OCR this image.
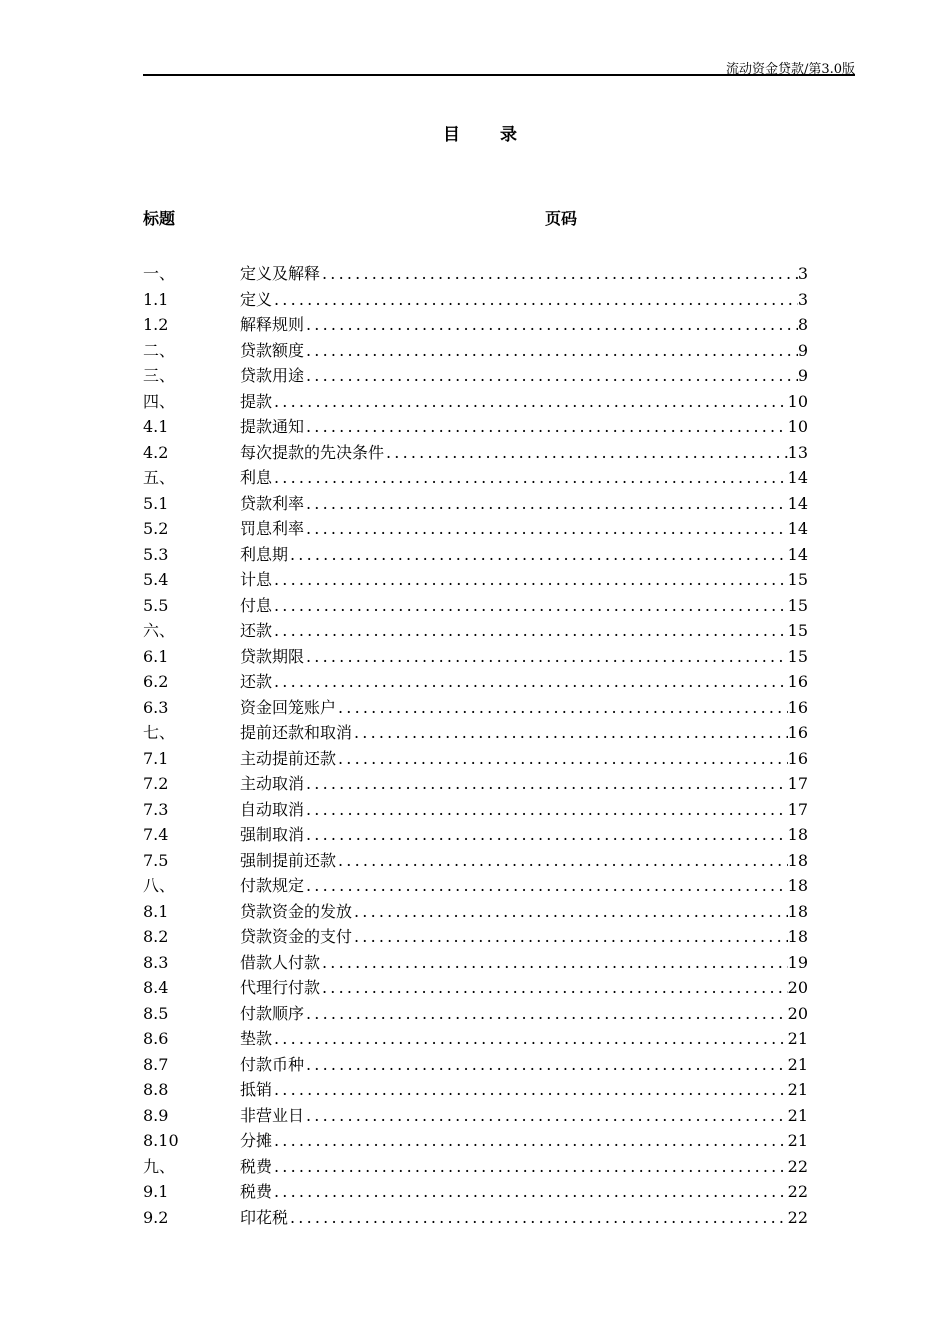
流动资金贷款/第3.0版
目录
标题	页码
一、	定义及解释 .....	3
1.1	定义 .....	3
1.2	解释规则 .....	8
二、	贷款额度 .....	9
三、	贷款用途 .....	9
四、	提款 .....	10
4.1	提款通知 .....	10
4.2	每次提款的先决条件 .....	13
五、	利息 .....	14
5.1	贷款利率 .....	14
5.2	罚息利率 .....	14
5.3	利息期 .....	14
5.4	计息 .....	15
5.5	付息 .....	15
六、	还款 .....	15
6.1	贷款期限 .....	15
6.2	还款 .....	16
6.3	资金回笼账户 .....	16
七、	提前还款和取消 .....	16
7.1	主动提前还款 .....	16
7.2	主动取消 .....	17
7.3	自动取消 .....	17
7.4	强制取消 .....	18
7.5	强制提前还款 .....	18
八、	付款规定 .....	18
8.1	贷款资金的发放 .....	18
8.2	贷款资金的支付 .....	18
8.3	借款人付款 .....	19
8.4	代理行付款 .....	20
8.5	付款顺序 .....	20
8.6	垫款 .....	21
8.7	付款币种 .....	21
8.8	抵销 .....	21
8.9	非营业日 .....	21
8.10	分摊 .....	21
九、	税费 .....	22
9.1	税费 .....	22
9.2	印花税 .....	22
